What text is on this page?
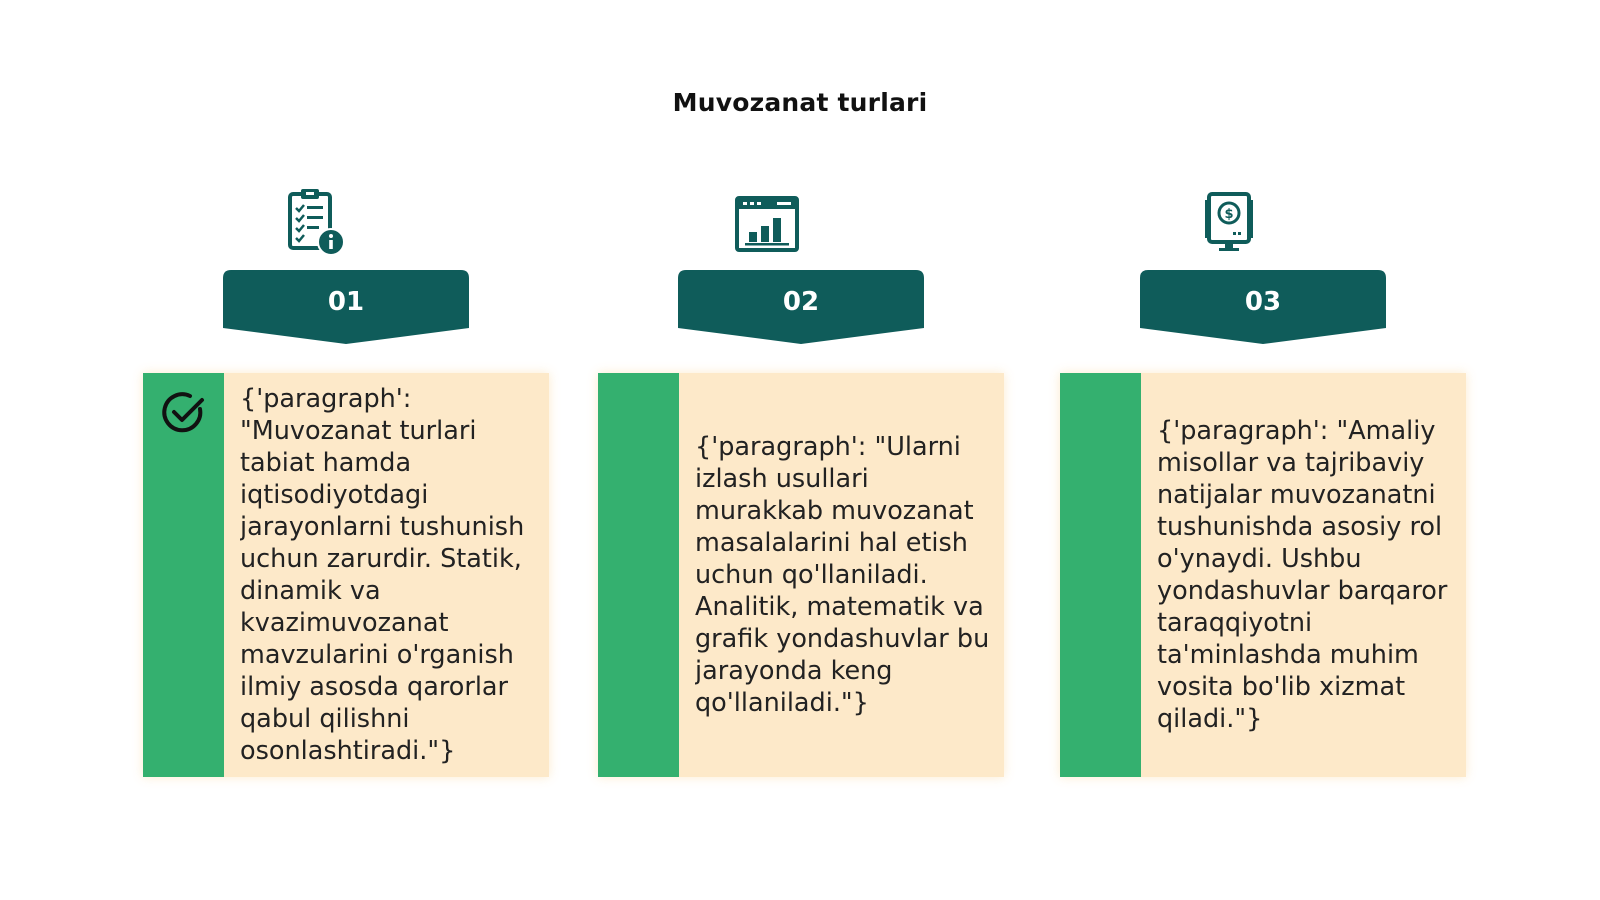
Muvozanat turlari
01
{'paragraph': "Muvozanat turlari tabiat hamda iqtisodiyotdagi jarayonlarni tushunish uchun zarurdir. Statik, dinamik va kvazimuvozanat mavzularini o'rganish ilmiy asosda qarorlar qabul qilishni osonlashtiradi."}
02
{'paragraph': "Ularni izlash usullari murakkab muvozanat masalalarini hal etish uchun qo'llaniladi. Analitik, matematik va grafik yondashuvlar bu jarayonda keng qo'llaniladi."}
$
03
{'paragraph': "Amaliy misollar va tajribaviy natijalar muvozanatni tushunishda asosiy rol o'ynaydi. Ushbu yondashuvlar barqaror taraqqiyotni ta'minlashda muhim vosita bo'lib xizmat qiladi."}
